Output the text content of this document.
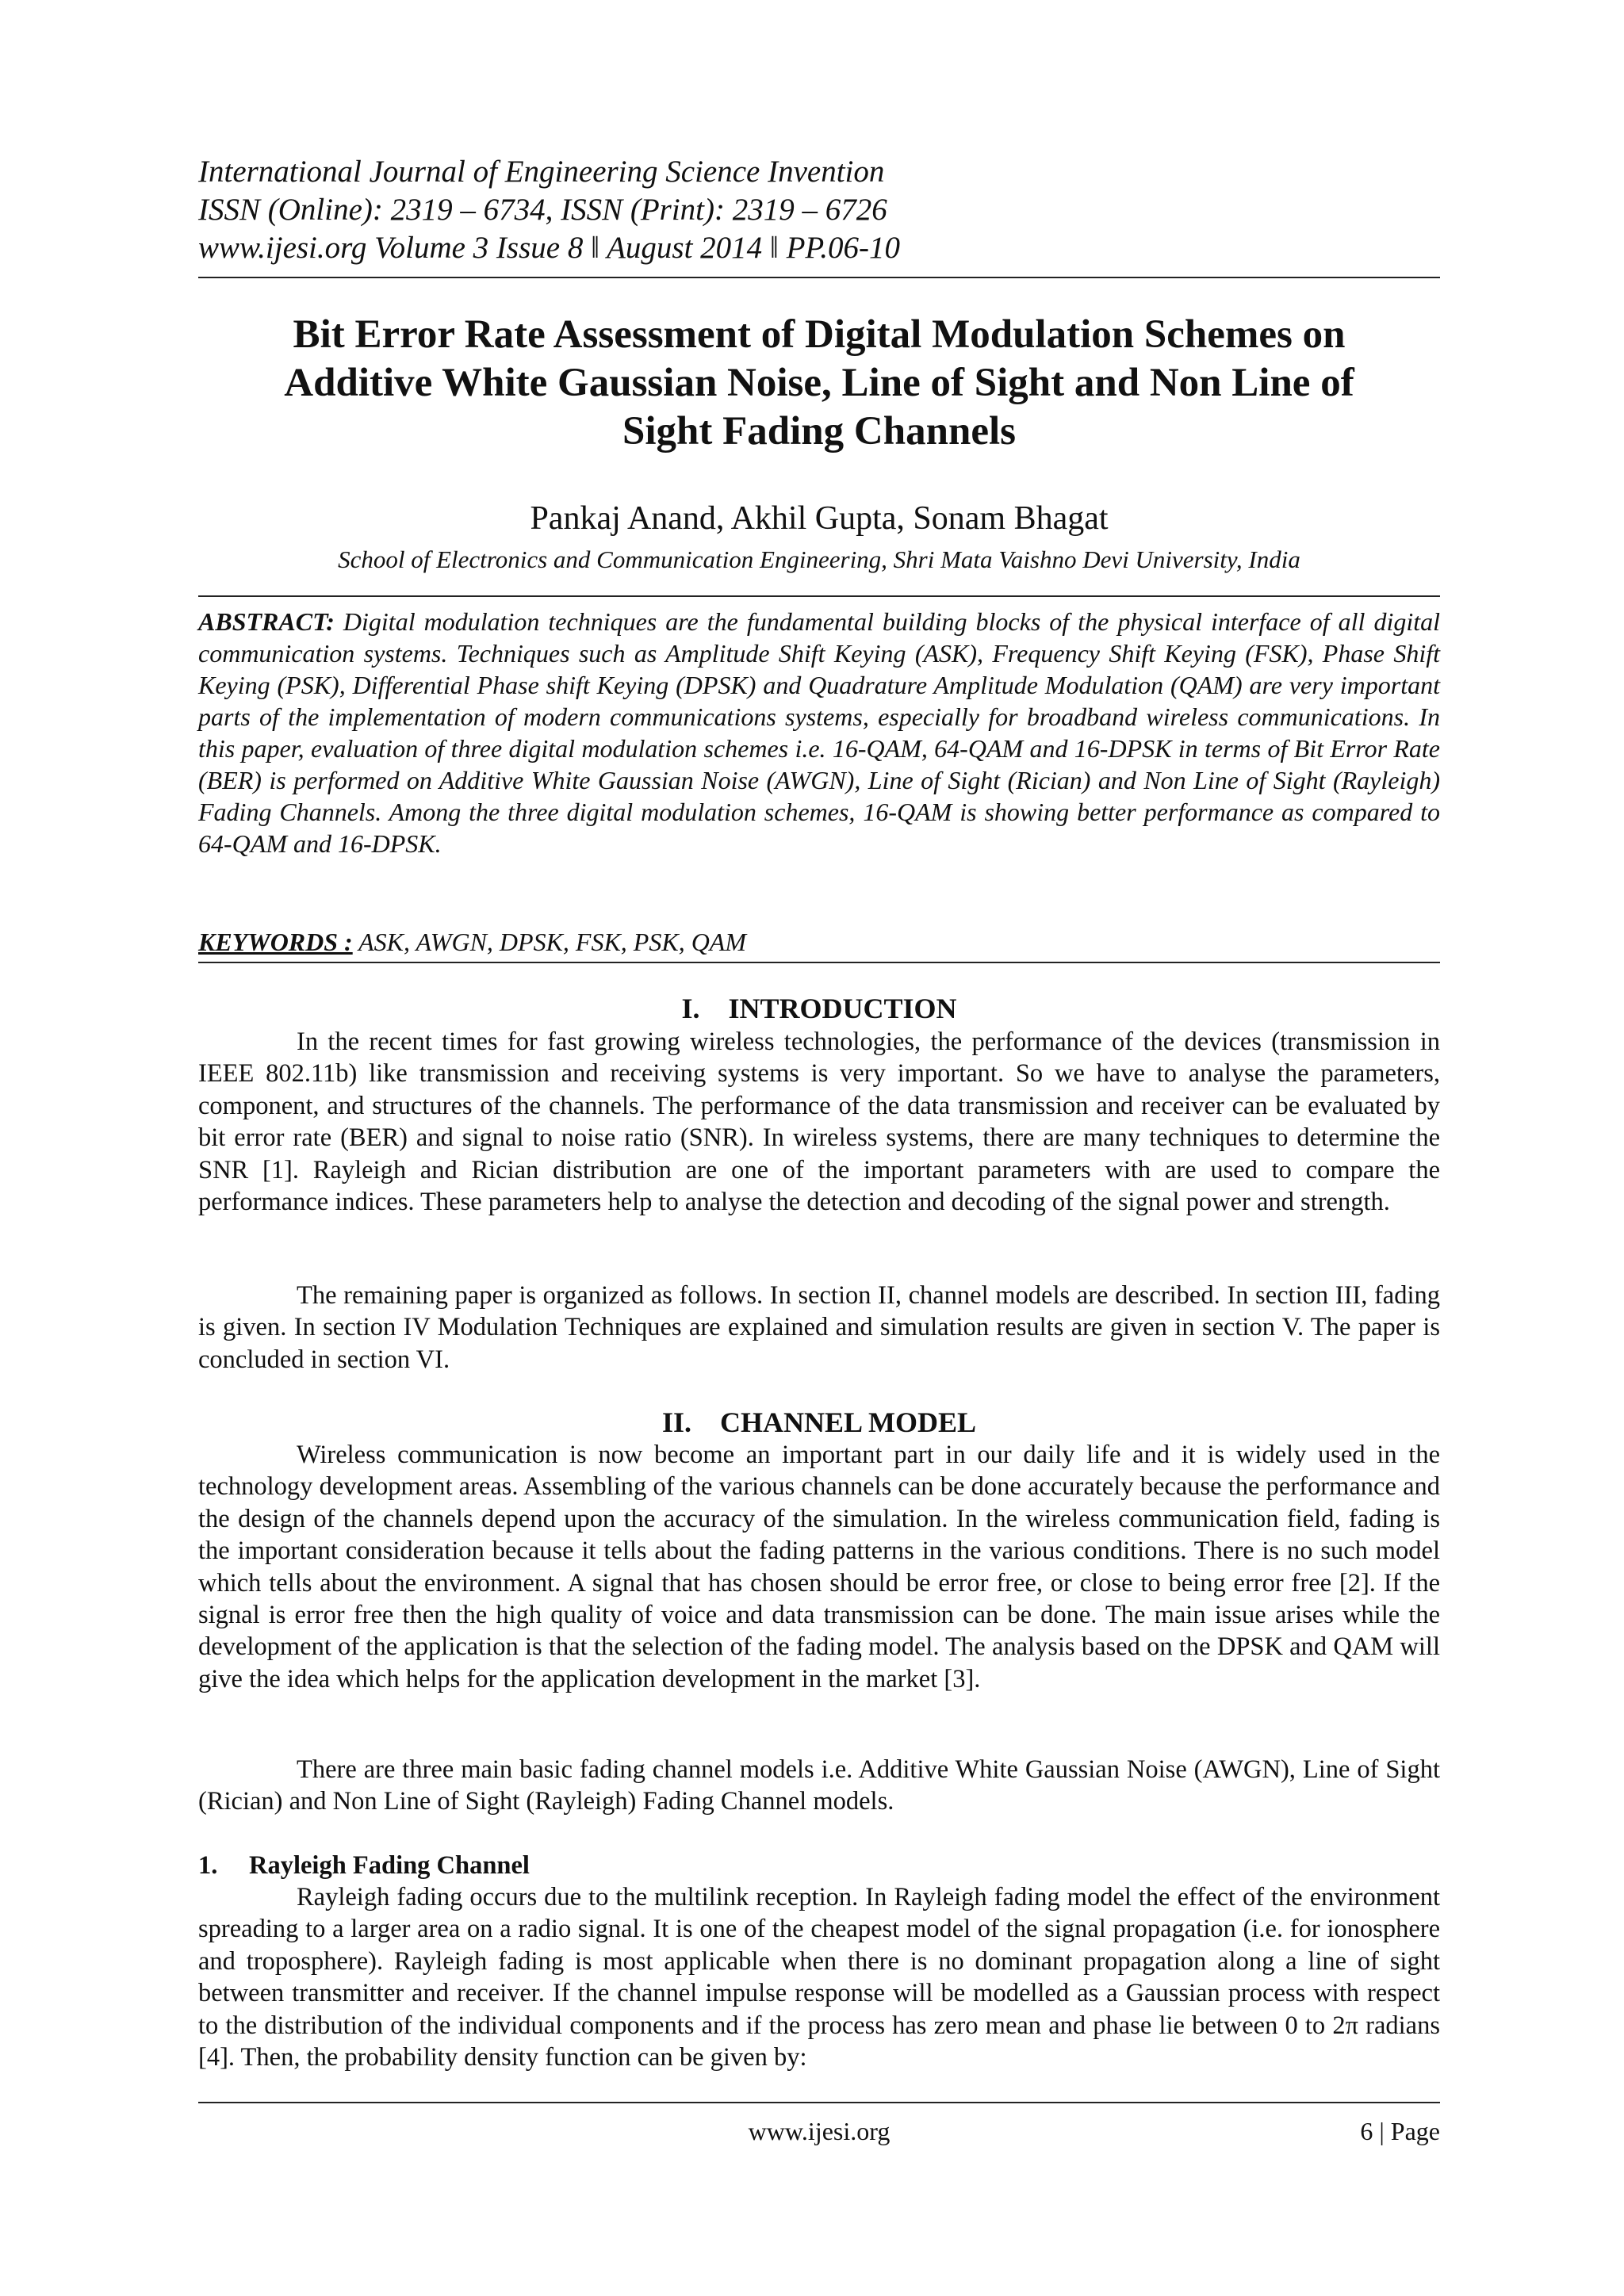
International Journal of Engineering Science Invention
ISSN (Online): 2319 – 6734, ISSN (Print): 2319 – 6726
www.ijesi.org Volume 3 Issue 8 ǁ August 2014 ǁ PP.06-10
Bit Error Rate Assessment of Digital Modulation Schemes on
Additive White Gaussian Noise, Line of Sight and Non Line of
Sight Fading Channels
Pankaj Anand, Akhil Gupta, Sonam Bhagat
School of Electronics and Communication Engineering, Shri Mata Vaishno Devi University, India
ABSTRACT: Digital modulation techniques are the fundamental building blocks of the physical interface of all digital communication systems. Techniques such as Amplitude Shift Keying (ASK), Frequency Shift Keying (FSK), Phase Shift Keying (PSK), Differential Phase shift Keying (DPSK) and Quadrature Amplitude Modulation (QAM) are very important parts of the implementation of modern communications systems, especially for broadband wireless communications. In this paper, evaluation of three digital modulation schemes i.e. 16-QAM, 64-QAM and 16-DPSK in terms of Bit Error Rate (BER) is performed on Additive White Gaussian Noise (AWGN), Line of Sight (Rician) and Non Line of Sight (Rayleigh) Fading Channels. Among the three digital modulation schemes, 16-QAM is showing better performance as compared to 64-QAM and 16-DPSK.
KEYWORDS : ASK, AWGN, DPSK, FSK, PSK, QAM
I. INTRODUCTION
In the recent times for fast growing wireless technologies, the performance of the devices (transmission in IEEE 802.11b) like transmission and receiving systems is very important. So we have to analyse the parameters, component, and structures of the channels. The performance of the data transmission and receiver can be evaluated by bit error rate (BER) and signal to noise ratio (SNR). In wireless systems, there are many techniques to determine the SNR [1]. Rayleigh and Rician distribution are one of the important parameters with are used to compare the performance indices. These parameters help to analyse the detection and decoding of the signal power and strength.
The remaining paper is organized as follows. In section II, channel models are described. In section III, fading is given. In section IV Modulation Techniques are explained and simulation results are given in section V. The paper is concluded in section VI.
II. CHANNEL MODEL
Wireless communication is now become an important part in our daily life and it is widely used in the technology development areas. Assembling of the various channels can be done accurately because the performance and the design of the channels depend upon the accuracy of the simulation. In the wireless communication field, fading is the important consideration because it tells about the fading patterns in the various conditions. There is no such model which tells about the environment. A signal that has chosen should be error free, or close to being error free [2]. If the signal is error free then the high quality of voice and data transmission can be done. The main issue arises while the development of the application is that the selection of the fading model. The analysis based on the DPSK and QAM will give the idea which helps for the application development in the market [3].
There are three main basic fading channel models i.e. Additive White Gaussian Noise (AWGN), Line of Sight (Rician) and Non Line of Sight (Rayleigh) Fading Channel models.
1. Rayleigh Fading Channel
Rayleigh fading occurs due to the multilink reception. In Rayleigh fading model the effect of the environment spreading to a larger area on a radio signal. It is one of the cheapest model of the signal propagation (i.e. for ionosphere and troposphere). Rayleigh fading is most applicable when there is no dominant propagation along a line of sight between transmitter and receiver. If the channel impulse response will be modelled as a Gaussian process with respect to the distribution of the individual components and if the process has zero mean and phase lie between 0 to 2π radians [4]. Then, the probability density function can be given by:
www.ijesi.org	6 | Page
